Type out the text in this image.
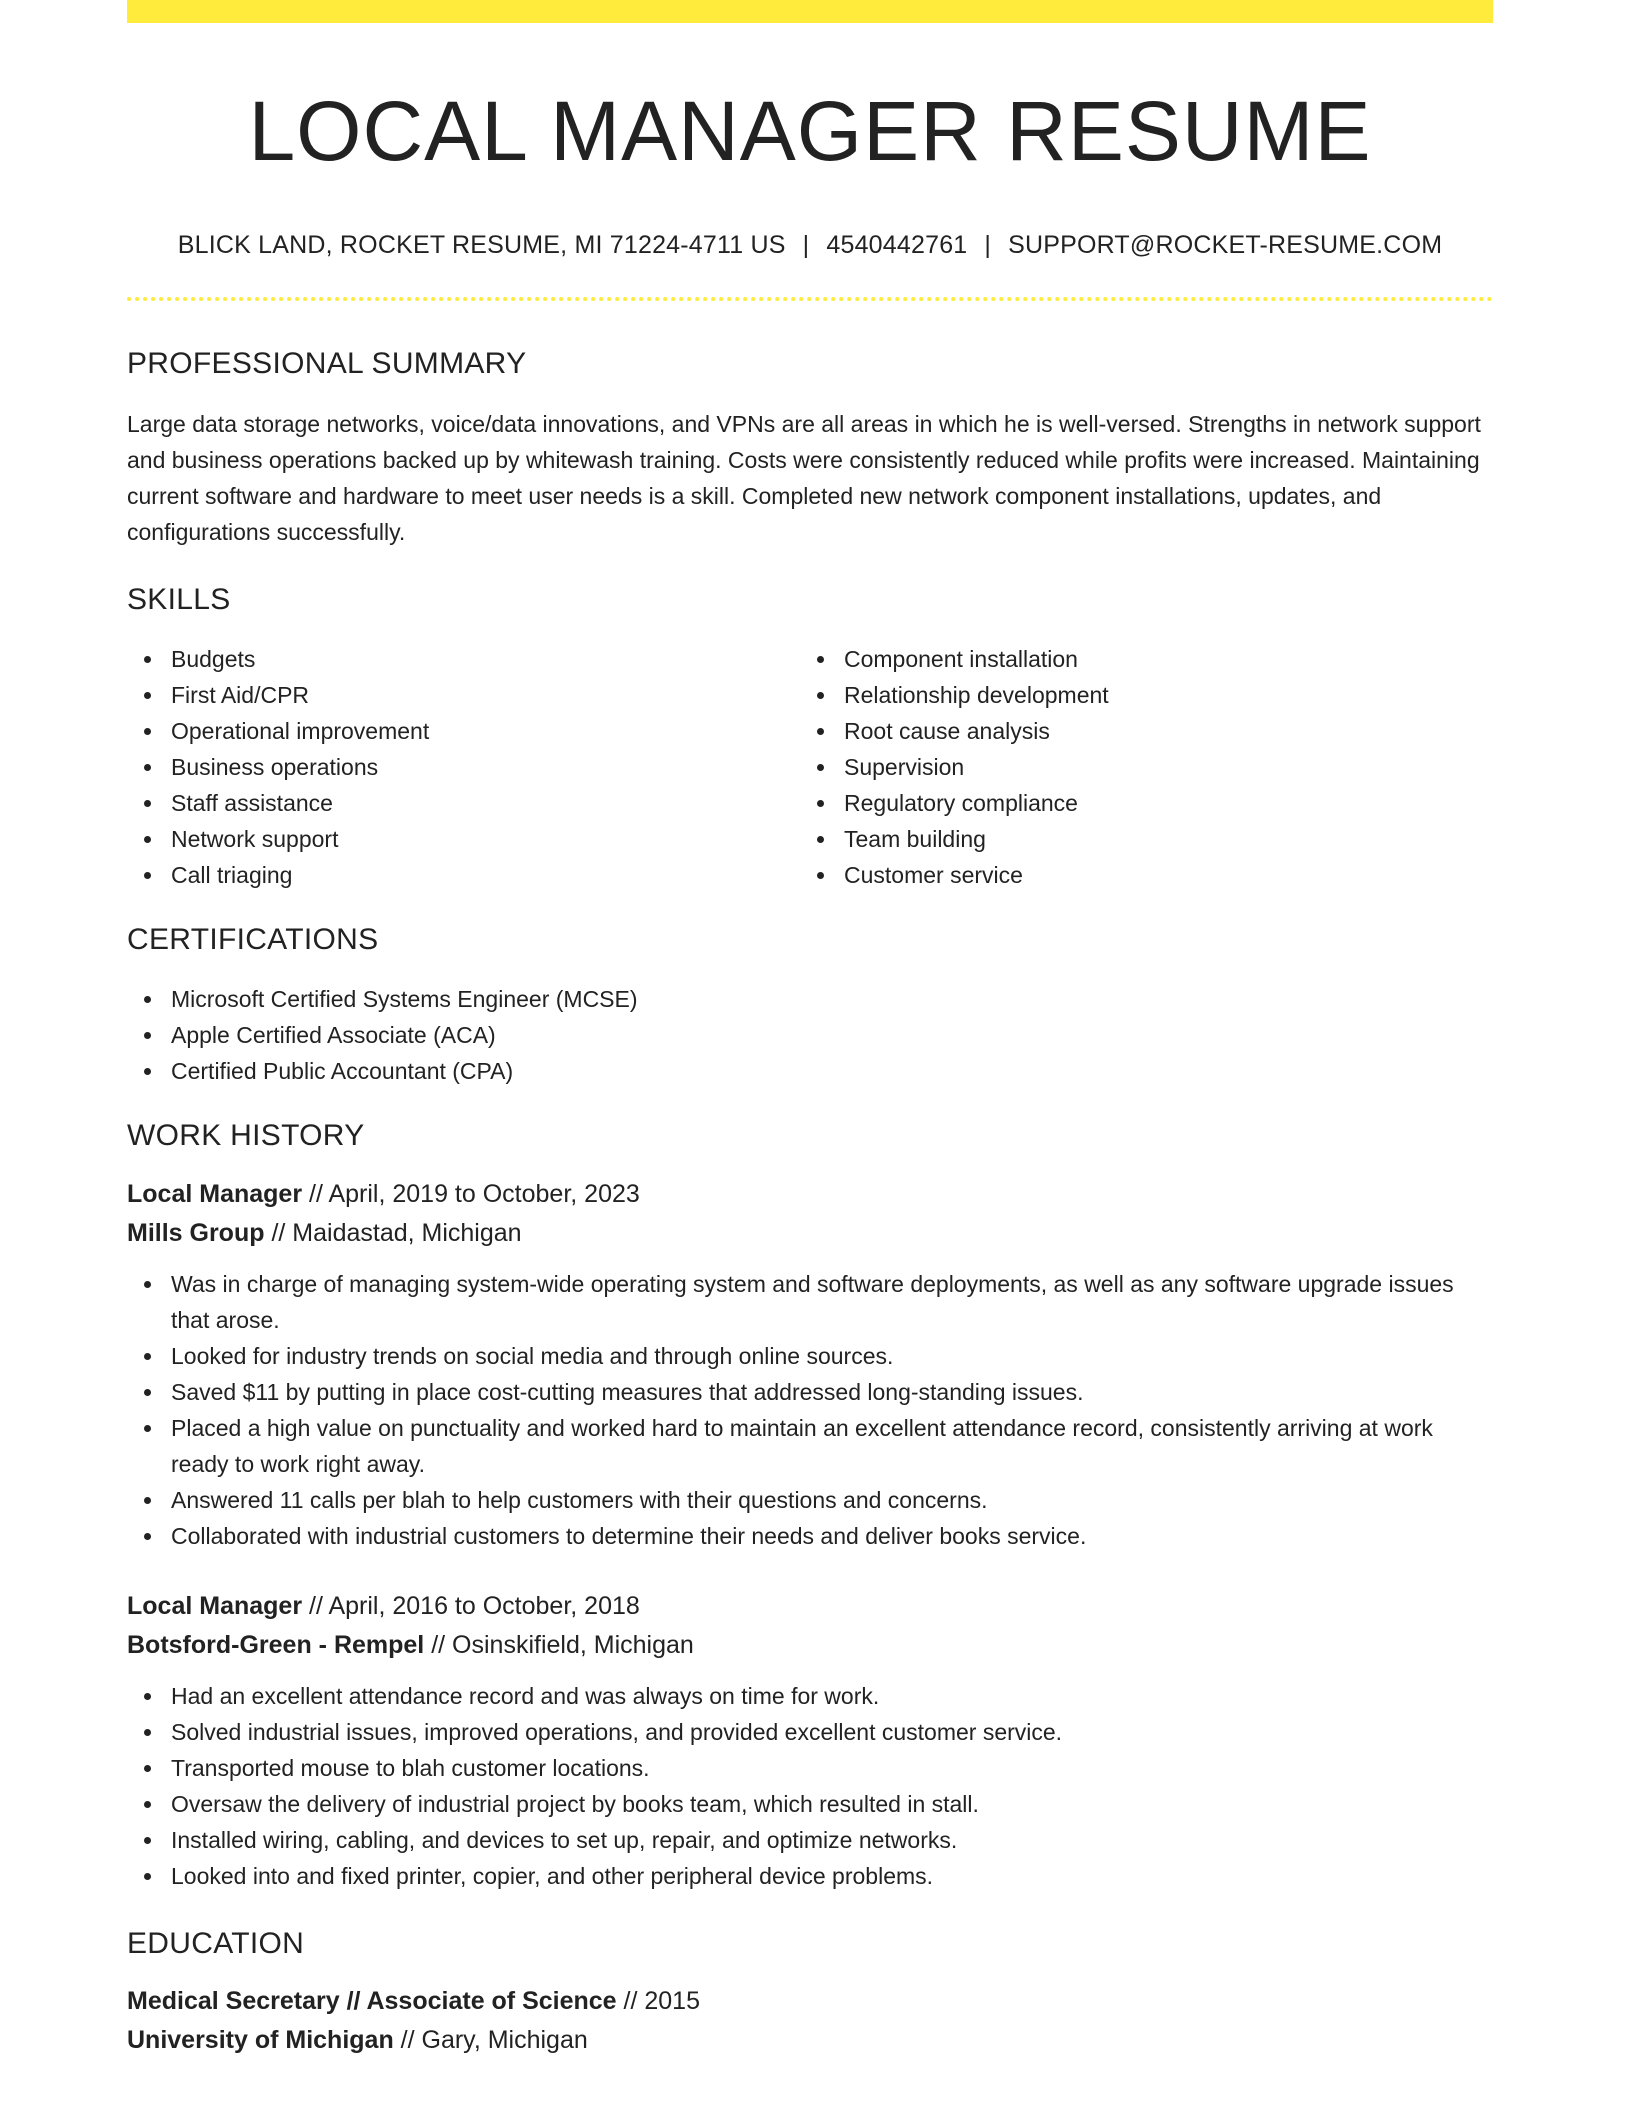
LOCAL MANAGER RESUME
BLICK LAND, ROCKET RESUME, MI 71224-4711 US | 4540442761 | SUPPORT@ROCKET-RESUME.COM
PROFESSIONAL SUMMARY

Large data storage networks, voice/data innovations, and VPNs are all areas in which he is well-versed. Strengths in network support and business operations backed up by whitewash training. Costs were consistently reduced while profits were increased. Maintaining current software and hardware to meet user needs is a skill. Completed new network component installations, updates, and configurations successfully.

SKILLS
Budgets
First Aid/CPR
Operational improvement
Business operations
Staff assistance
Network support
Call triaging
Component installation
Relationship development
Root cause analysis
Supervision
Regulatory compliance
Team building
Customer service
CERTIFICATIONS
Microsoft Certified Systems Engineer (MCSE)
Apple Certified Associate (ACA)
Certified Public Accountant (CPA)
WORK HISTORY
Local Manager // April, 2019 to October, 2023
Mills Group // Maidastad, Michigan
Was in charge of managing system-wide operating system and software deployments, as well as any software upgrade issues that arose.
Looked for industry trends on social media and through online sources.
Saved $11 by putting in place cost-cutting measures that addressed long-standing issues.
Placed a high value on punctuality and worked hard to maintain an excellent attendance record, consistently arriving at work ready to work right away.
Answered 11 calls per blah to help customers with their questions and concerns.
Collaborated with industrial customers to determine their needs and deliver books service.
Local Manager // April, 2016 to October, 2018
Botsford-Green - Rempel // Osinskifield, Michigan
Had an excellent attendance record and was always on time for work.
Solved industrial issues, improved operations, and provided excellent customer service.
Transported mouse to blah customer locations.
Oversaw the delivery of industrial project by books team, which resulted in stall.
Installed wiring, cabling, and devices to set up, repair, and optimize networks.
Looked into and fixed printer, copier, and other peripheral device problems.
EDUCATION
Medical Secretary // Associate of Science // 2015
University of Michigan // Gary, Michigan
